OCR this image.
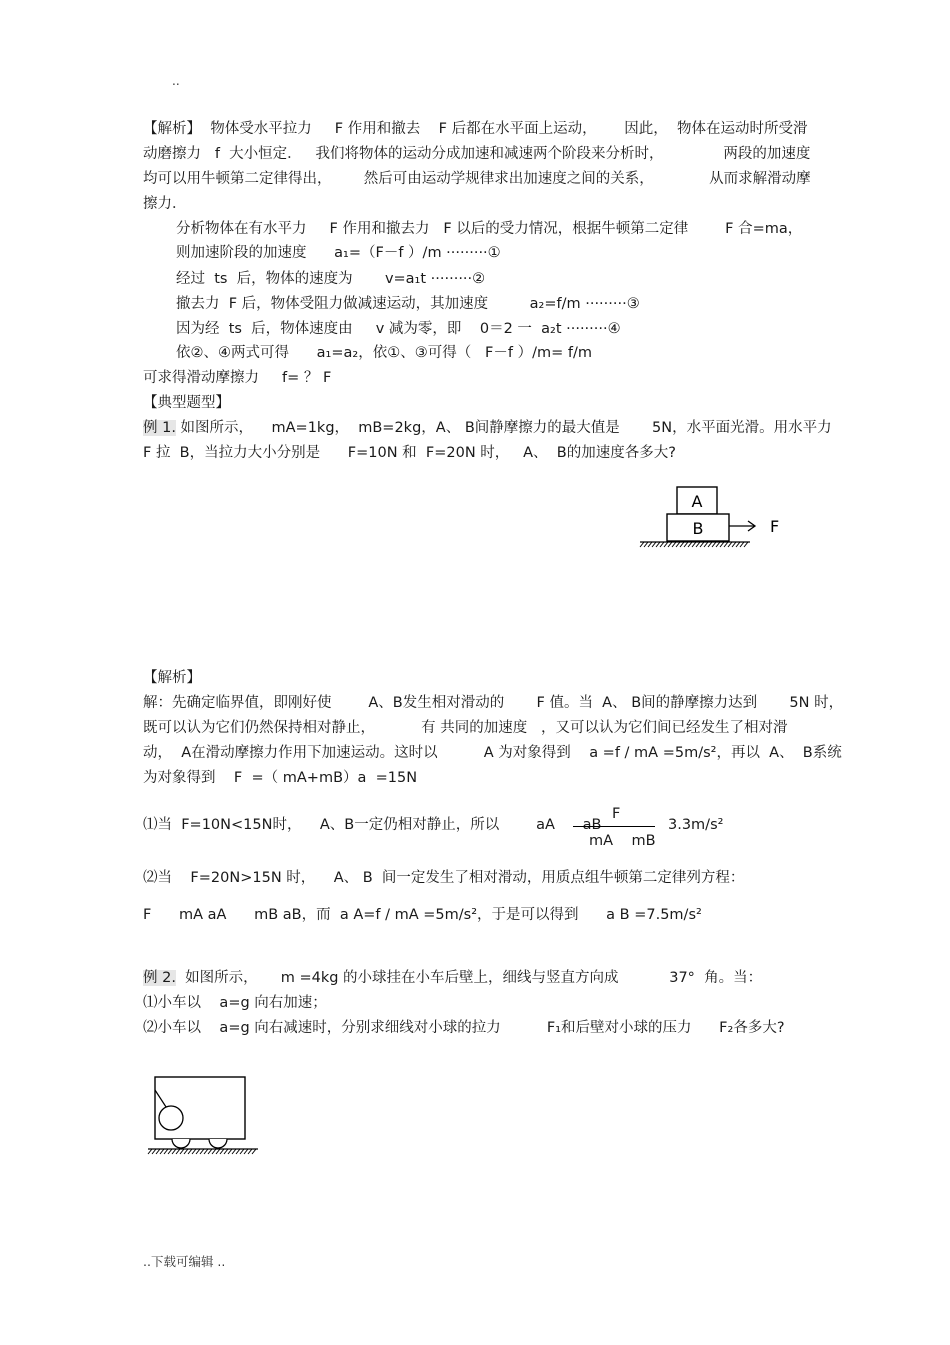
..

【解析】  物体受水平拉力     F 作用和撤去    F 后都在水平面上运动，      因此，  物体在运动时所受滑

动磨擦力   f  大小恒定．   我们将物体的运动分成加速和减速两个阶段来分析时，             两段的加速度

均可以用牛顿第二定律得出，       然后可由运动学规律求出加速度之间的关系，            从而求解滑动摩

擦力．

分析物体在有水平力     F 作用和撤去力   F 以后的受力情况，根据牛顿第二定律        F 合=ma，

则加速阶段的加速度      a₁=（F－f ）/m ·········①

经过  ts  后，物体的速度为       v=a₁t ·········②

撤去力  F 后，物体受阻力做减速运动，其加速度         a₂=f/m ·········③

因为经  ts  后，物体速度由     v 减为零，即    0＝2 一  a₂t ·········④

依②、④两式可得      a₁=a₂，依①、③可得（   F－f ）/m= f/m

可求得滑动摩擦力     f= ？ F

【典型题型】

例 1. 如图所示，    mA=1kg，  mB=2kg，A、 B间静摩擦力的最大值是       5N，水平面光滑。用水平力

F 拉  B，当拉力大小分别是      F=10N 和  F=20N 时，   A、  B的加速度各多大?

A
B	F

【解析】

解：先确定临界值，即刚好使        A、B发生相对滑动的       F 值。当  A、 B间的静摩擦力达到       5N 时，

既可以认为它们仍然保持相对静止，          有 共同的加速度   ，又可以认为它们间已经发生了相对滑

动，  A在滑动摩擦力作用下加速运动。这时以          A 为对象得到    a =f / mA =5m/s²，再以  A、  B系统

为对象得到    F  =（ mA+mB）a  =15N

⑴当  F=10N<15N时，    A、B一定仍相对静止，所以        aA      aB

F
mA    mB
3.3m/s²

⑵当    F=20N>15N 时，    A、 B  间一定发生了相对滑动，用质点组牛顿第二定律列方程：

F      mA aA      mB aB，而  a A=f / mA =5m/s²，于是可以得到      a B =7.5m/s²

例 2.  如图所示，     m =4kg 的小球挂在小车后壁上，细线与竖直方向成           37°  角。当：

⑴小车以    a=g 向右加速；

⑵小车以    a=g 向右减速时，分别求细线对小球的拉力          F₁和后壁对小球的压力      F₂各多大?

..下载可编辑 ..
